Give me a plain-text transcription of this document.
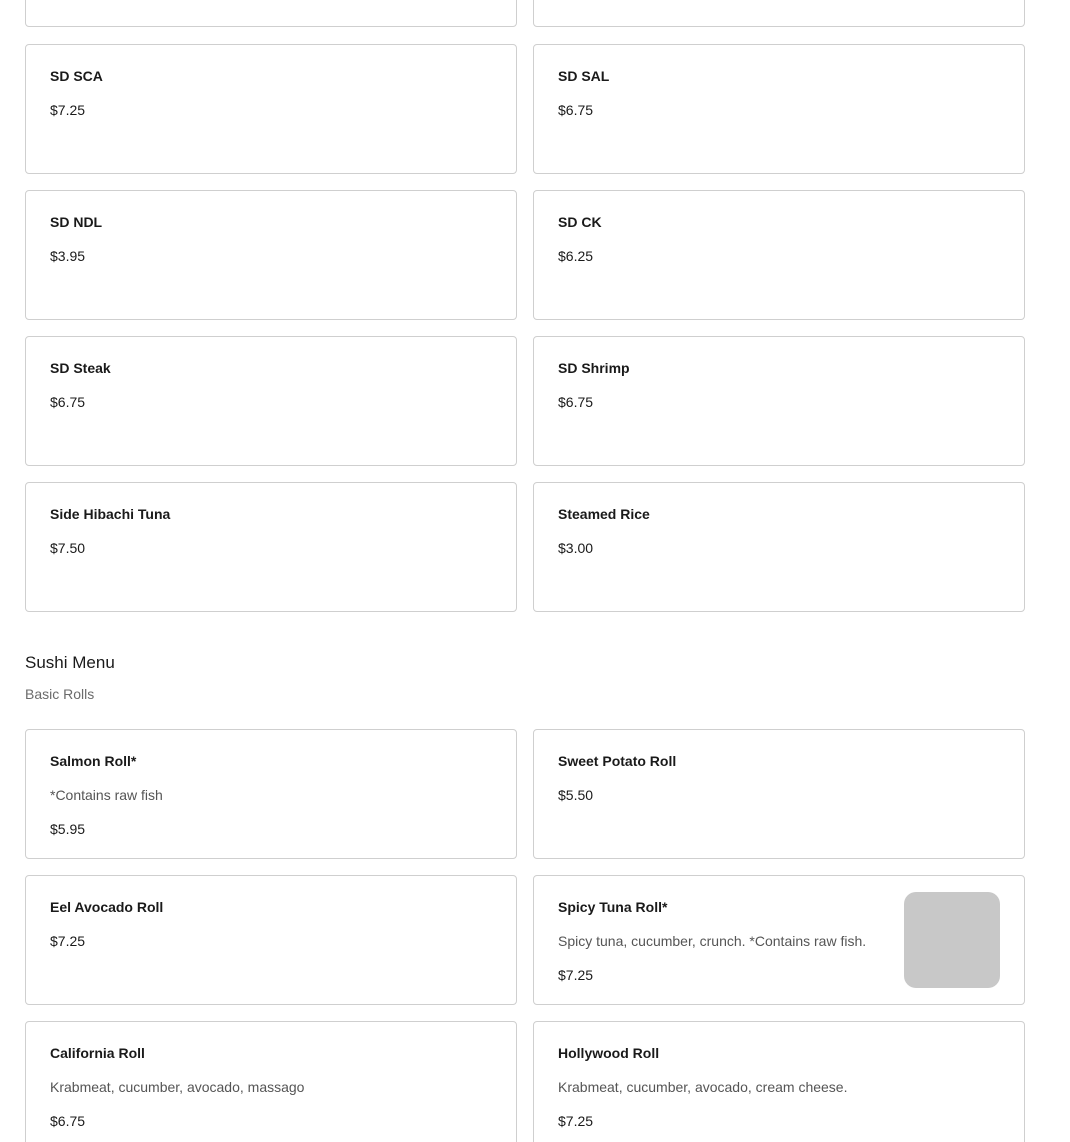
SD SCA
$7.25
SD SAL
$6.75
SD NDL
$3.95
SD CK
$6.25
SD Steak
$6.75
SD Shrimp
$6.75
Side Hibachi Tuna
$7.50
Steamed Rice
$3.00
Sushi Menu
Basic Rolls
Salmon Roll*
*Contains raw fish
$5.95
Sweet Potato Roll
$5.50
Eel Avocado Roll
$7.25
Spicy Tuna Roll*
Spicy tuna, cucumber, crunch. *Contains raw fish.
$7.25
California Roll
Krabmeat, cucumber, avocado, massago
$6.75
Hollywood Roll
Krabmeat, cucumber, avocado, cream cheese.
$7.25
